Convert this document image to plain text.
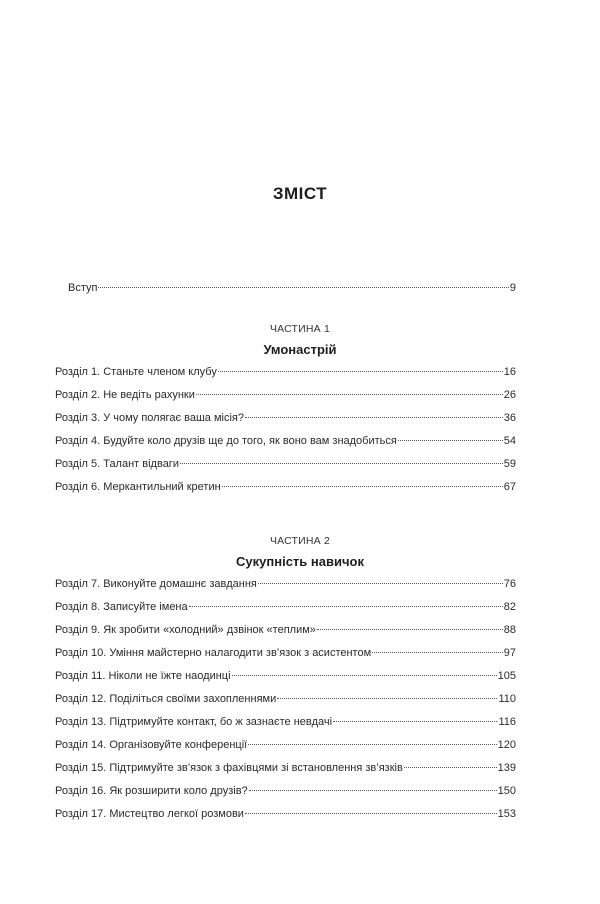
ЗМІСТ
Вступ	9
ЧАСТИНА 1
Умонастрій
Розділ 1. Станьте членом клубу	16
Розділ 2. Не ведіть рахунки	26
Розділ 3. У чому полягає ваша місія?	36
Розділ 4. Будуйте коло друзів ще до того, як воно вам знадобиться	54
Розділ 5. Талант відваги	59
Розділ 6. Меркантильний кретин	67
ЧАСТИНА 2
Сукупність навичок
Розділ 7. Виконуйте домашнє завдання	76
Розділ 8. Записуйте імена	82
Розділ 9. Як зробити «холодний» дзвінок «теплим»	88
Розділ 10. Уміння майстерно налагодити зв’язок з асистентом	97
Розділ 11. Ніколи не їжте наодинці	105
Розділ 12. Поділіться своїми захопленнями	110
Розділ 13. Підтримуйте контакт, бо ж зазнаєте невдачі	116
Розділ 14. Організовуйте конференції	120
Розділ 15. Підтримуйте зв’язок з фахівцями зі встановлення зв’язків	139
Розділ 16. Як розширити коло друзів?	150
Розділ 17. Мистецтво легкої розмови	153
